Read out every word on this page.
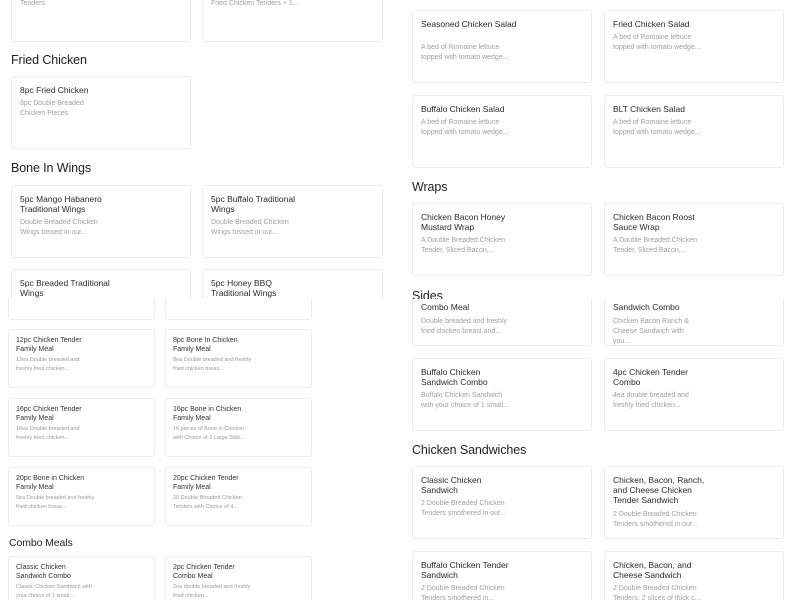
Tenders.	Fried Chicken Tenders + 1...
Fried Chicken
8pc Fried Chicken
8pc Double Breaded Chicken Pieces
Bone In Wings
5pc Mango Habanero Traditional Wings
Double Breaded Chicken Wings tossed in our...
5pc Buffalo Traditional Wings
Double Breaded Chicken Wings tossed in our...
5pc Breaded Traditional Wings
5pc Honey BBQ Traditional Wings
12pc Chicken Tender Family Meal
12ea Double breaded and freshly fried chicken...
8pc Bone In Chicken Family Meal
8ea Double breaded and freshly fried chicken breas...
16pc Chicken Tender Family Meal
16ea Double breaded and freshly fried chicken...
16pc Bone in Chicken Family Meal
16 pieces of Bone in Chicken with Choice of 3 Large Side...
20pc Bone in Chicken Family Meal
5ea Double breaded and freshly fried chicken breas...
20pc Chicken Tender Family Meal
20 Double Breaded Chicken Tenders with Choice of 4...
Combo Meals
Classic Chicken Sandwich Combo
Classic Chicken Sandwich with your choice of 1 small...
2pc Chicken Tender Combo Meal
2ea double breaded and freshly fried chicken...
Seasoned Chicken Salad
A bed of Romaine lettuce topped with tomato wedge...
Fried Chicken Salad
A bed of Romaine lettuce topped with tomato wedge...
Buffalo Chicken Salad
A bed of Romaine lettuce topped with tomato wedge...
BLT Chicken Salad
A bed of Romaine lettuce topped with tomato wedge...
Wraps
Chicken Bacon Honey Mustard Wrap
A Double Breaded Chicken Tender, Sliced Bacon,...
Chicken Bacon Roost Sauce Wrap
A Double Breaded Chicken Tender, Sliced Bacon,...
Sides
Combo Meal
Double breaded and freshly fried chicken breast and...
Sandwich Combo
Chicken Bacon Ranch & Cheese Sandwich with you...
Buffalo Chicken Sandwich Combo
Buffalo Chicken Sandwich with your choice of 1 small...
4pc Chicken Tender Combo
4ea double breaded and freshly fried chicken...
Chicken Sandwiches
Classic Chicken Sandwich
2 Double Breaded Chicken Tenders smothered in our...
Chicken, Bacon, Ranch, and Cheese Chicken Tender Sandwich
2 Double Breaded Chicken Tenders smothered in our...
Buffalo Chicken Tender Sandwich
2 Double Breaded Chicken Tenders smothered in...
Chicken, Bacon, and Cheese Sandwich
2 Double Breaded Chicken Tenders, 2 slices of thick c...
